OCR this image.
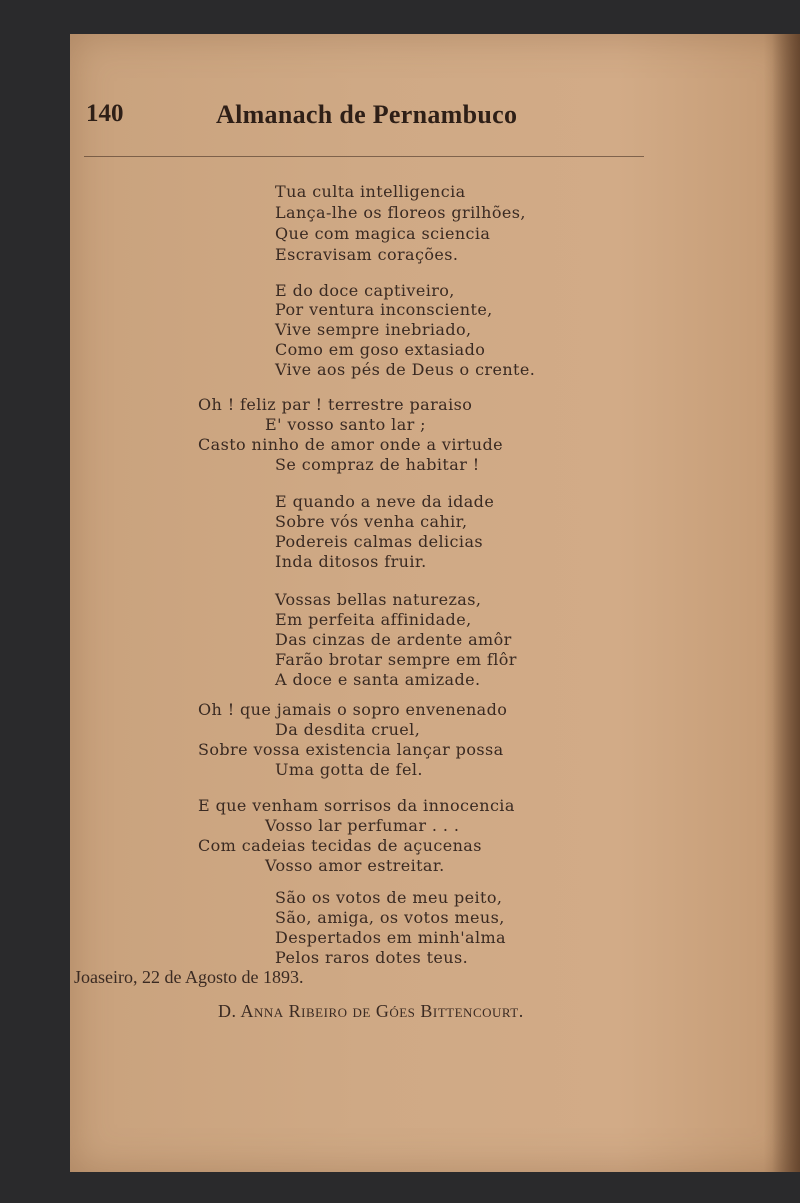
140	Almanach de Pernambuco
Tua culta intelligencia
Lança-lhe os floreos grilhões,
Que com magica sciencia
Escravisam corações.
E do doce captiveiro,
Por ventura inconsciente,
Vive sempre inebriado,
Como em goso extasiado
Vive aos pés de Deus o crente.
Oh ! feliz par ! terrestre paraiso
E' vosso santo lar ;
Casto ninho de amor onde a virtude
Se compraz de habitar !
E quando a neve da idade
Sobre vós venha cahir,
Podereis calmas delicias
Inda ditosos fruir.
Vossas bellas naturezas,
Em perfeita affinidade,
Das cinzas de ardente amôr
Farão brotar sempre em flôr
A doce e santa amizade.
Oh ! que jamais o sopro envenenado
Da desdita cruel,
Sobre vossa existencia lançar possa
Uma gotta de fel.
E que venham sorrisos da innocencia
Vosso lar perfumar . . .
Com cadeias tecidas de açucenas
Vosso amor estreitar.
São os votos de meu peito,
São, amiga, os votos meus,
Despertados em minh'alma
Pelos raros dotes teus.
Joaseiro, 22 de Agosto de 1893.
D. Anna Ribeiro de Góes Bittencourt.
